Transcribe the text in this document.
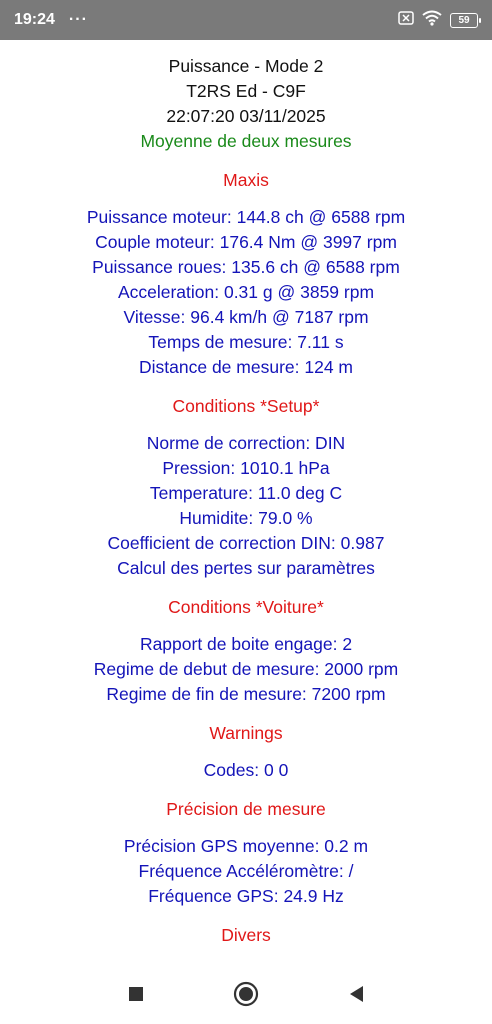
19:24 ···	59
Puissance - Mode 2
T2RS Ed - C9F
22:07:20 03/11/2025
Moyenne de deux mesures
Maxis
Puissance moteur: 144.8 ch @ 6588 rpm
Couple moteur: 176.4 Nm @ 3997 rpm
Puissance roues: 135.6 ch @ 6588 rpm
Acceleration: 0.31 g @ 3859 rpm
Vitesse: 96.4 km/h @ 7187 rpm
Temps de mesure: 7.11 s
Distance de mesure: 124 m
Conditions *Setup*
Norme de correction: DIN
Pression: 1010.1 hPa
Temperature: 11.0 deg C
Humidite: 79.0 %
Coefficient de correction DIN: 0.987
Calcul des pertes sur paramètres
Conditions *Voiture*
Rapport de boite engage: 2
Regime de debut de mesure: 2000 rpm
Regime de fin de mesure: 7200 rpm
Warnings
Codes: 0 0
Précision de mesure
Précision GPS moyenne: 0.2 m
Fréquence Accéléromètre: /
Fréquence GPS: 24.9 Hz
Divers
